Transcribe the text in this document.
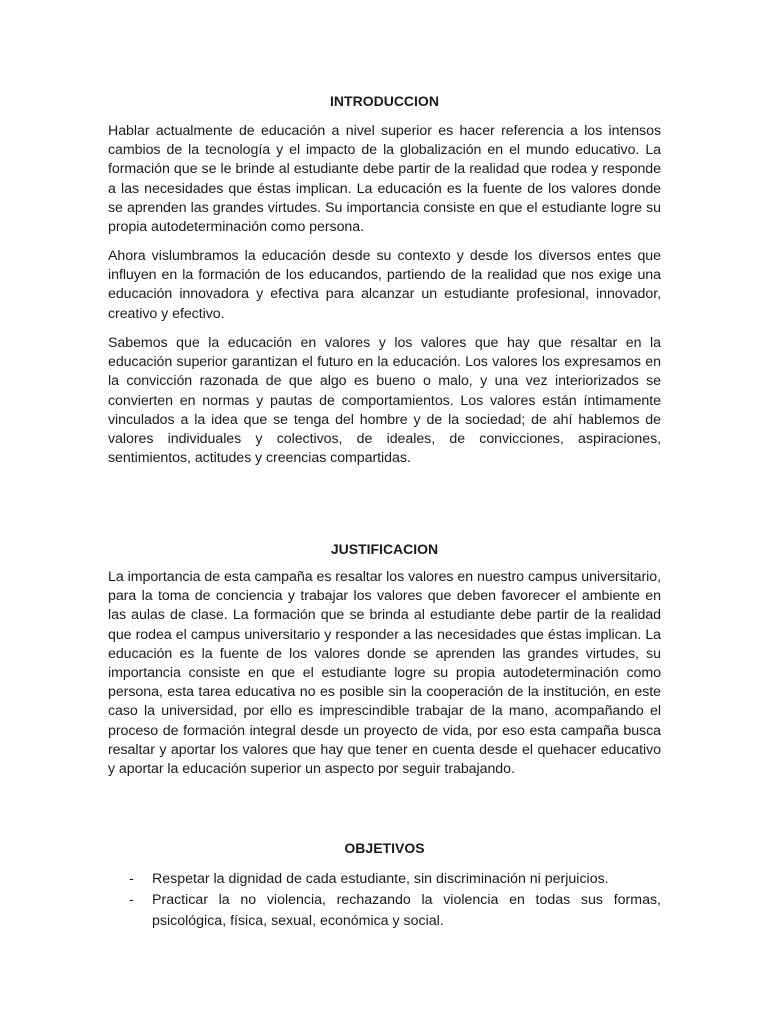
INTRODUCCION

Hablar actualmente de educación a nivel superior es hacer referencia a los intensos cambios de la tecnología y el impacto de la globalización en el mundo educativo. La formación que se le brinde al estudiante debe partir de la realidad que rodea y responde a las necesidades que éstas implican. La educación es la fuente de los valores donde se aprenden las grandes virtudes. Su importancia consiste en que el estudiante logre su propia autodeterminación como persona.

Ahora vislumbramos la educación desde su contexto y desde los diversos entes que influyen en la formación de los educandos, partiendo de la realidad que nos exige una educación innovadora y efectiva para alcanzar un estudiante profesional, innovador, creativo y efectivo.

Sabemos que la educación en valores y los valores que hay que resaltar en la educación superior garantizan el futuro en la educación. Los valores los expresamos en la convicción razonada de que algo es bueno o malo, y una vez interiorizados se convierten en normas y pautas de comportamientos. Los valores están íntimamente vinculados a la idea que se tenga del hombre y de la sociedad; de ahí hablemos de valores individuales y colectivos, de ideales, de convicciones, aspiraciones, sentimientos, actitudes y creencias compartidas.

JUSTIFICACION

La importancia de esta campaña es resaltar los valores en nuestro campus universitario, para la toma de conciencia y trabajar los valores que deben favorecer el ambiente en las aulas de clase. La formación que se brinda al estudiante debe partir de la realidad que rodea el campus universitario y responder a las necesidades que éstas implican. La educación es la fuente de los valores donde se aprenden las grandes virtudes, su importancia consiste en que el estudiante logre su propia autodeterminación como persona, esta tarea educativa no es posible sin la cooperación de la institución, en este caso la universidad, por ello es imprescindible trabajar de la mano, acompañando el proceso de formación integral desde un proyecto de vida, por eso esta campaña busca resaltar y aportar los valores que hay que tener en cuenta desde el quehacer educativo y aportar la educación superior un aspecto por seguir trabajando.

OBJETIVOS
- Respetar la dignidad de cada estudiante, sin discriminación ni perjuicios.
- Practicar la no violencia, rechazando la violencia en todas sus formas, psicológica, física, sexual, económica y social.
